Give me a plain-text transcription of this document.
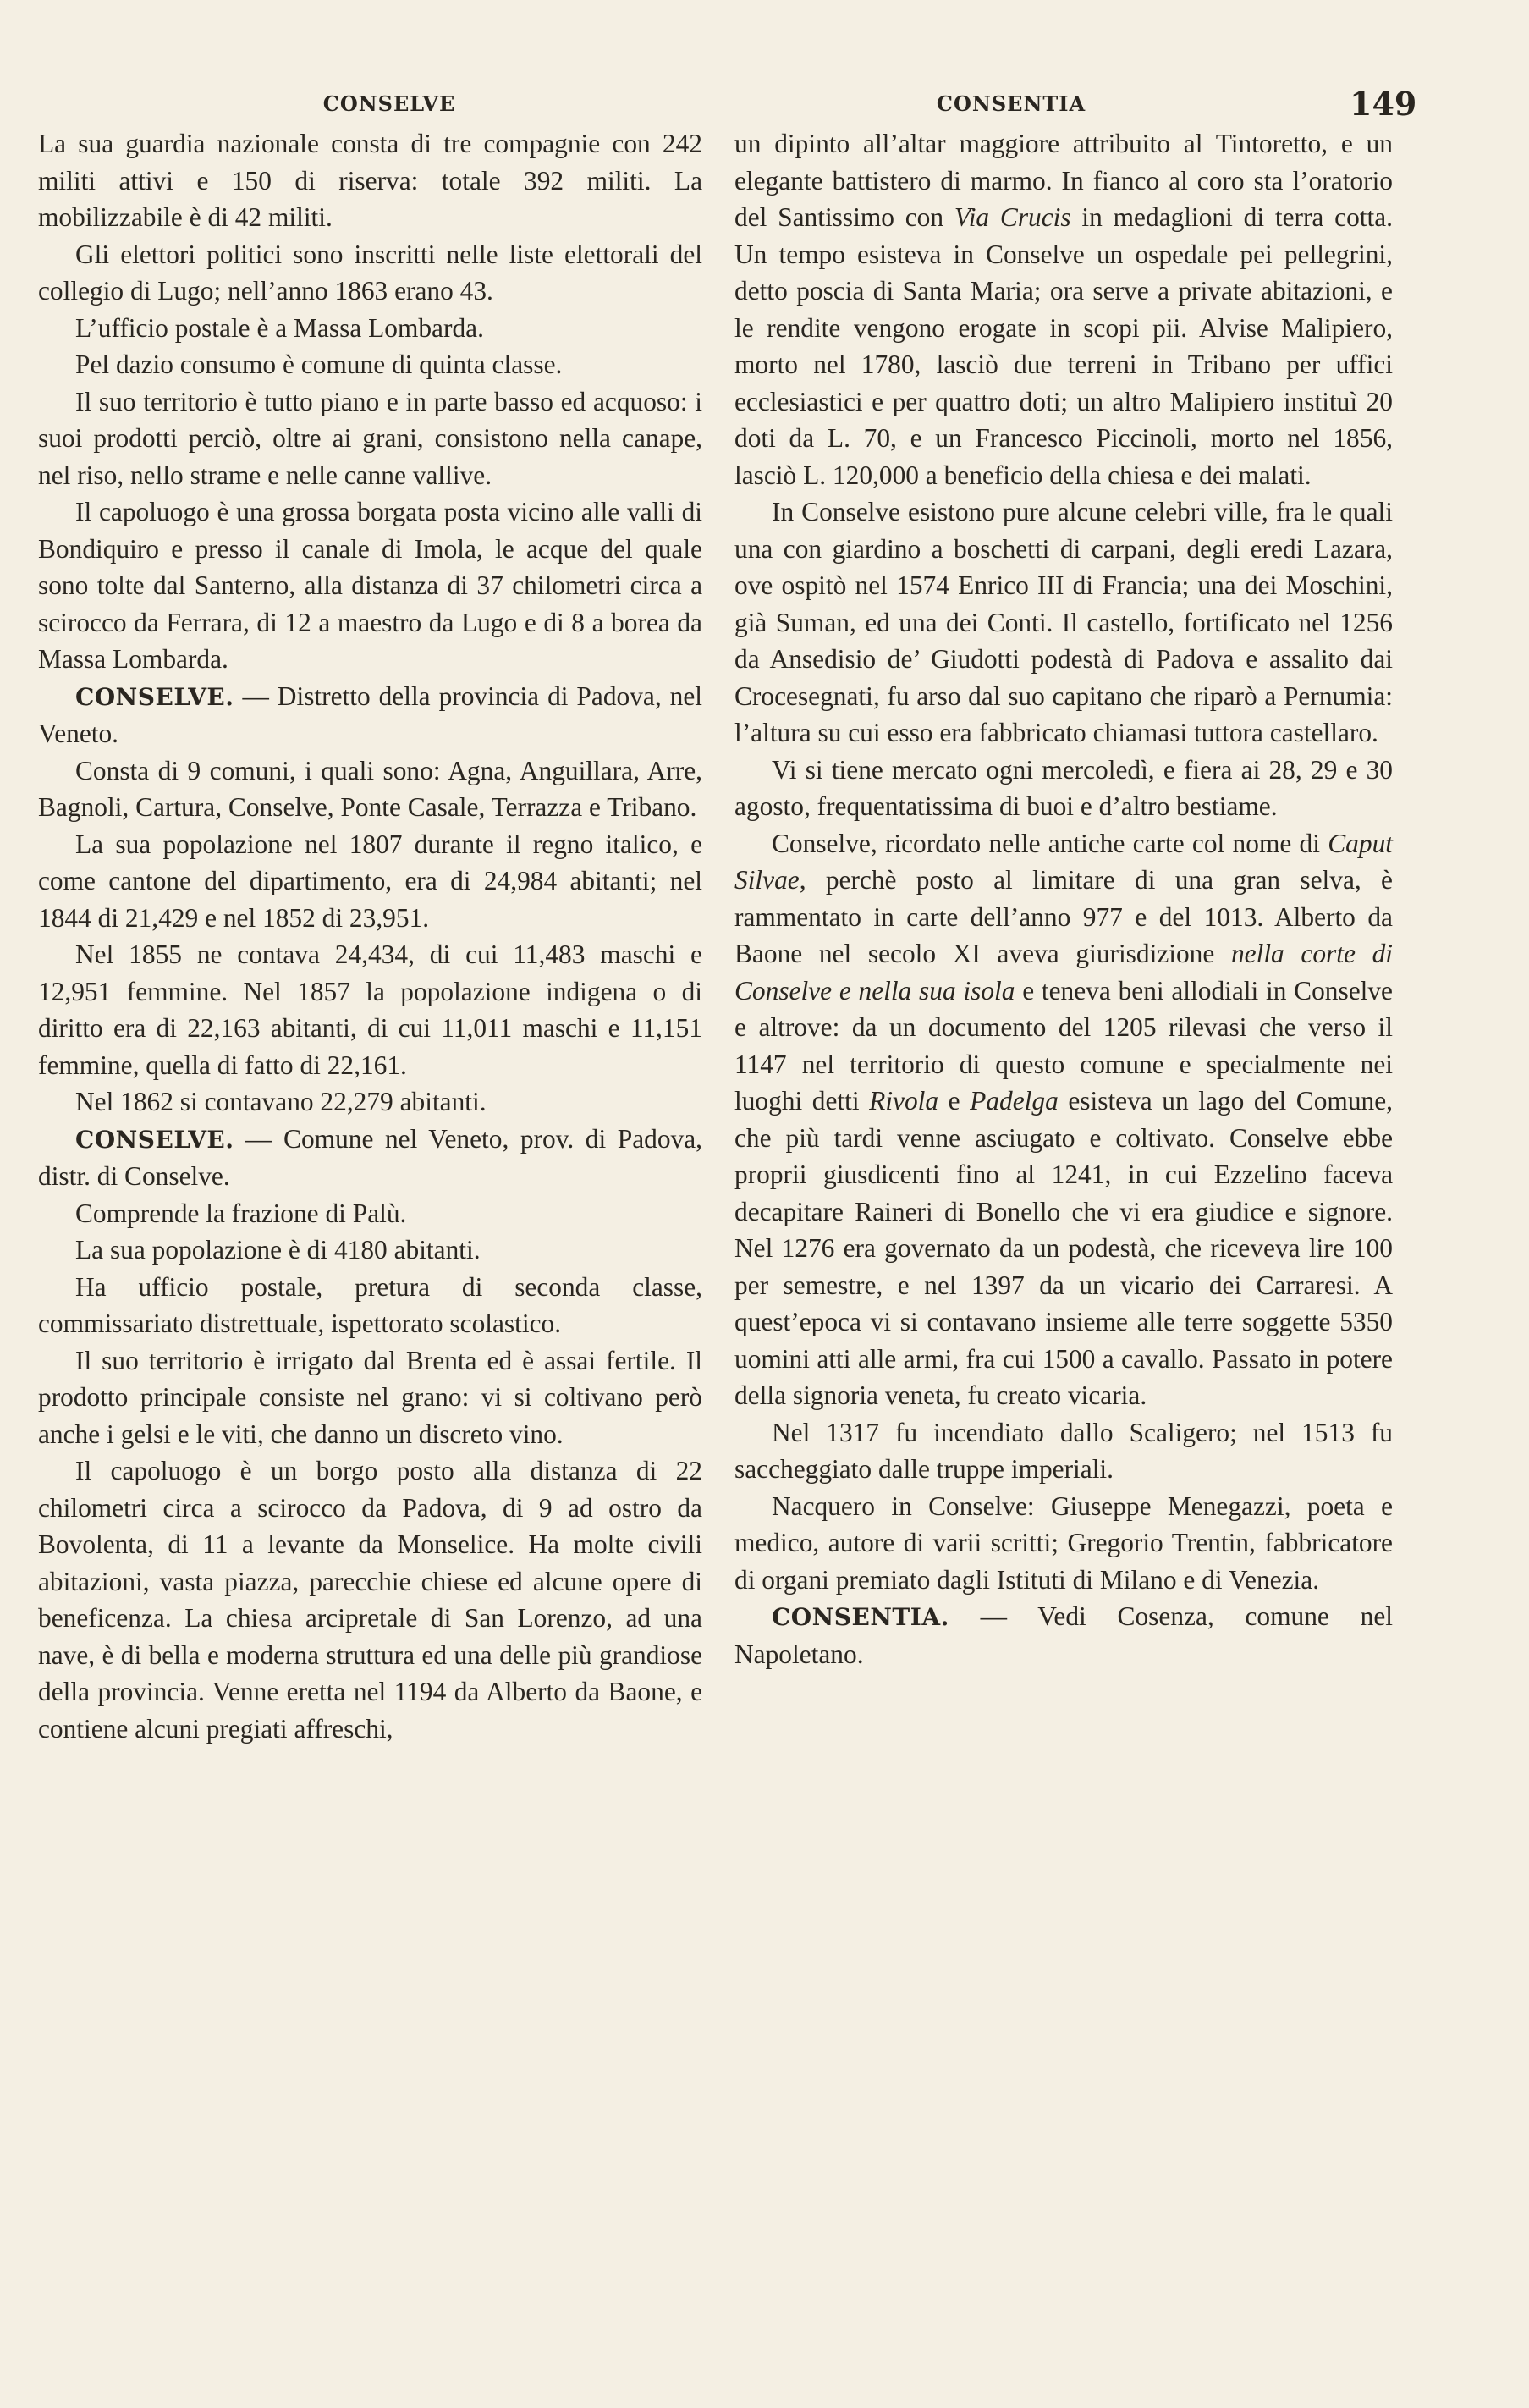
CONSELVE	CONSENTIA	149

La sua guardia nazionale consta di tre compagnie con 242 militi attivi e 150 di riserva: totale 392 militi. La mobilizzabile è di 42 militi.

Gli elettori politici sono inscritti nelle liste elettorali del collegio di Lugo; nell’anno 1863 erano 43.

L’ufficio postale è a Massa Lombarda.

Pel dazio consumo è comune di quinta classe.

Il suo territorio è tutto piano e in parte basso ed acquoso: i suoi prodotti perciò, oltre ai grani, consistono nella canape, nel riso, nello strame e nelle canne vallive.

Il capoluogo è una grossa borgata posta vicino alle valli di Bondiquiro e presso il canale di Imola, le acque del quale sono tolte dal Santerno, alla distanza di 37 chilometri circa a scirocco da Ferrara, di 12 a maestro da Lugo e di 8 a borea da Massa Lombarda.

CONSELVE. — Distretto della provincia di Padova, nel Veneto.

Consta di 9 comuni, i quali sono: Agna, Anguillara, Arre, Bagnoli, Cartura, Conselve, Ponte Casale, Terrazza e Tribano.

La sua popolazione nel 1807 durante il regno italico, e come cantone del dipartimento, era di 24,984 abitanti; nel 1844 di 21,429 e nel 1852 di 23,951.

Nel 1855 ne contava 24,434, di cui 11,483 maschi e 12,951 femmine. Nel 1857 la popolazione indigena o di diritto era di 22,163 abitanti, di cui 11,011 maschi e 11,151 femmine, quella di fatto di 22,161.

Nel 1862 si contavano 22,279 abitanti.

CONSELVE. — Comune nel Veneto, prov. di Padova, distr. di Conselve.

Comprende la frazione di Palù.

La sua popolazione è di 4180 abitanti.

Ha ufficio postale, pretura di seconda classe, commissariato distrettuale, ispettorato scolastico.

Il suo territorio è irrigato dal Brenta ed è assai fertile. Il prodotto principale consiste nel grano: vi si coltivano però anche i gelsi e le viti, che danno un discreto vino.

Il capoluogo è un borgo posto alla distanza di 22 chilometri circa a scirocco da Padova, di 9 ad ostro da Bovolenta, di 11 a levante da Monselice. Ha molte civili abitazioni, vasta piazza, parecchie chiese ed alcune opere di beneficenza. La chiesa arcipretale di San Lorenzo, ad una nave, è di bella e moderna struttura ed una delle più grandiose della provincia. Venne eretta nel 1194 da Alberto da Baone, e contiene alcuni pregiati affreschi,

un dipinto all’altar maggiore attribuito al Tintoretto, e un elegante battistero di marmo. In fianco al coro sta l’oratorio del Santissimo con Via Crucis in medaglioni di terra cotta. Un tempo esisteva in Conselve un ospedale pei pellegrini, detto poscia di Santa Maria; ora serve a private abitazioni, e le rendite vengono erogate in scopi pii. Alvise Malipiero, morto nel 1780, lasciò due terreni in Tribano per uffici ecclesiastici e per quattro doti; un altro Malipiero instituì 20 doti da L. 70, e un Francesco Piccinoli, morto nel 1856, lasciò L. 120,000 a beneficio della chiesa e dei malati.

In Conselve esistono pure alcune celebri ville, fra le quali una con giardino a boschetti di carpani, degli eredi Lazara, ove ospitò nel 1574 Enrico III di Francia; una dei Moschini, già Suman, ed una dei Conti. Il castello, fortificato nel 1256 da Ansedisio de’ Giudotti podestà di Padova e assalito dai Crocesegnati, fu arso dal suo capitano che riparò a Pernumia: l’altura su cui esso era fabbricato chiamasi tuttora castellaro.

Vi si tiene mercato ogni mercoledì, e fiera ai 28, 29 e 30 agosto, frequentatissima di buoi e d’altro bestiame.

Conselve, ricordato nelle antiche carte col nome di Caput Silvae, perchè posto al limitare di una gran selva, è rammentato in carte dell’anno 977 e del 1013. Alberto da Baone nel secolo XI aveva giurisdizione nella corte di Conselve e nella sua isola e teneva beni allodiali in Conselve e altrove: da un documento del 1205 rilevasi che verso il 1147 nel territorio di questo comune e specialmente nei luoghi detti Rivola e Padelga esisteva un lago del Comune, che più tardi venne asciugato e coltivato. Conselve ebbe proprii giusdicenti fino al 1241, in cui Ezzelino faceva decapitare Raineri di Bonello che vi era giudice e signore. Nel 1276 era governato da un podestà, che riceveva lire 100 per semestre, e nel 1397 da un vicario dei Carraresi. A quest’epoca vi si contavano insieme alle terre soggette 5350 uomini atti alle armi, fra cui 1500 a cavallo. Passato in potere della signoria veneta, fu creato vicaria.

Nel 1317 fu incendiato dallo Scaligero; nel 1513 fu saccheggiato dalle truppe imperiali.

Nacquero in Conselve: Giuseppe Menegazzi, poeta e medico, autore di varii scritti; Gregorio Trentin, fabbricatore di organi premiato dagli Istituti di Milano e di Venezia.

CONSENTIA. — Vedi Cosenza, comune nel Napoletano.
